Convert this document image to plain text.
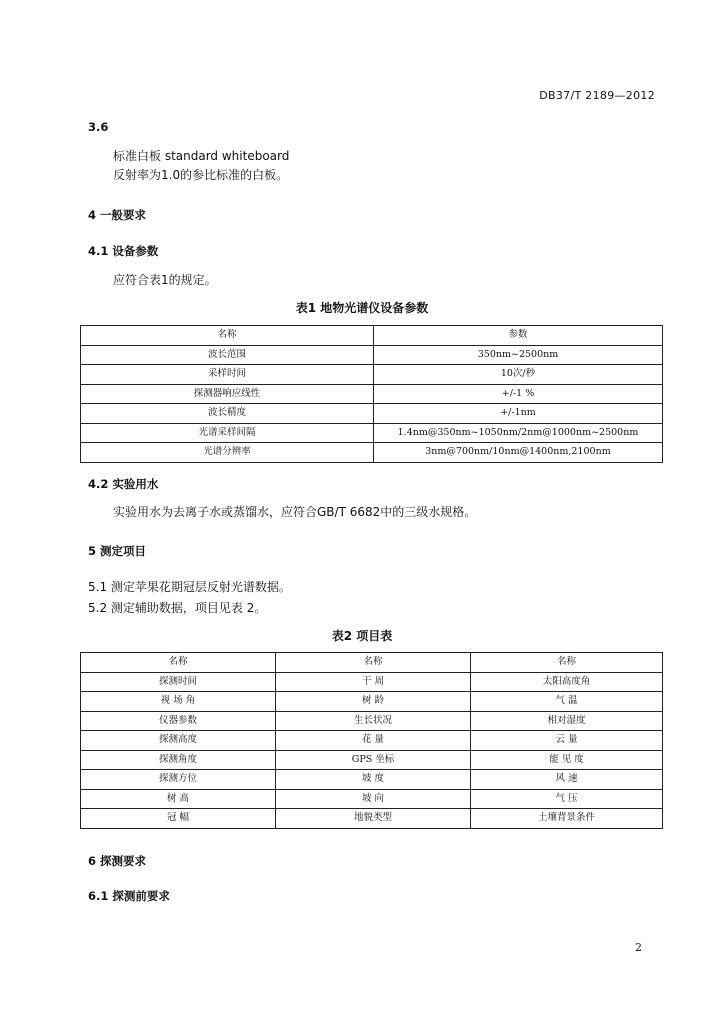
DB37/T 2189—2012
3.6
标准白板 standard whiteboard
反射率为1.0的参比标准的白板。
4 一般要求
4.1 设备参数
应符合表1的规定。
表1 地物光谱仪设备参数
名称	参数
波长范围	350nm~2500nm
采样时间	10次/秒
探测器响应线性	+/-1 %
波长精度	+/-1nm
光谱采样间隔	1.4nm@350nm~1050nm/2nm@1000nm~2500nm
光谱分辨率	3nm@700nm/10nm@1400nm,2100nm
4.2 实验用水
实验用水为去离子水或蒸馏水，应符合GB/T 6682中的三级水规格。
5 测定项目
5.1 测定苹果花期冠层反射光谱数据。
5.2 测定辅助数据，项目见表 2。
表2 项目表
名称	名称	名称
探测时间	干 周	太阳高度角
视 场 角	树 龄	气 温
仪器参数	生长状况	相对湿度
探测高度	花 量	云 量
探测角度	GPS 坐标	能 见 度
探测方位	坡 度	风 速
树 高	坡 向	气 压
冠 幅	地貌类型	土壤背景条件
6 探测要求
6.1 探测前要求
2
